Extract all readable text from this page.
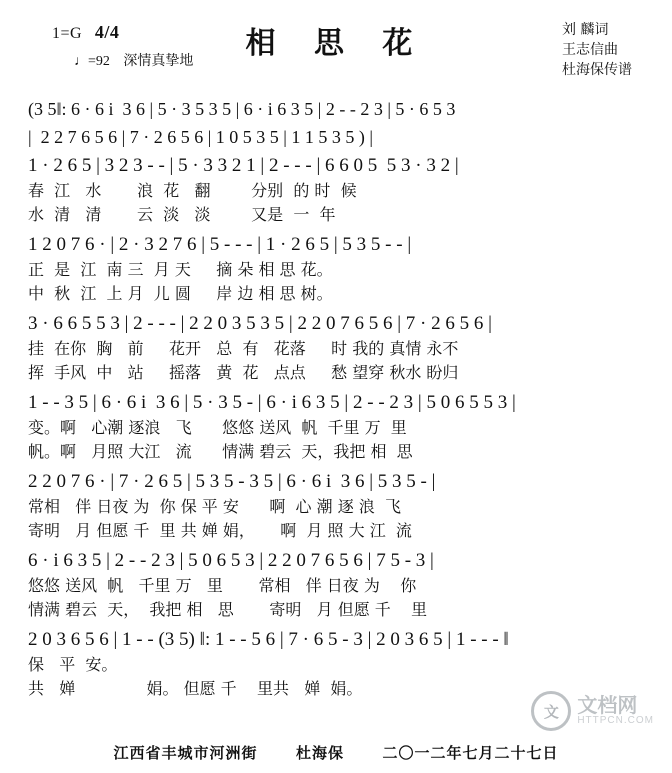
1=G 4/4
♩=92 深情真挚地	相 思 花	刘 麟词
王志信曲
杜海保传谱
(3 5‖: 6 · 6 i  3 6 | 5 · 3 5 3 5 | 6 · i 6 3 5 | 2 - - 2 3 | 5 · 6 5 3
|  2 2 7 6 5 6 | 7 · 2 6 5 6 | 1 0 5 3 5 | 1 1 5 3 5 ) |
1 · 2 6 5 | 3 2 3 - - | 5 · 3 3 2 1 | 2 - - - | 6 6 0 5  5 3 · 3 2 |
春  江   水       浪  花   翻        分别  的 时  候
水  清   清       云  淡   淡        又是  一  年
1 2 0 7 6 · | 2 · 3 2 7 6 | 5 - - - | 1 · 2 6 5 | 5 3 5 - - |
正  是  江  南 三  月 天     摘 朵 相 思 花。
中  秋  江  上 月  儿 圆     岸 边 相 思 树。
3 · 6 6 5 5 3 | 2 - - - | 2 2 0 3 5 3 5 | 2 2 0 7 6 5 6 | 7 · 2 6 5 6 |
挂  在你  胸   前     花开   总  有   花落     时 我的 真情 永不
挥  手风  中   站     摇落   黄  花   点点     愁 望穿 秋水 盼归
1 - - 3 5 | 6 · 6 i  3 6 | 5 · 3 5 - | 6 · i 6 3 5 | 2 - - 2 3 | 5 0 6 5 5 3 |
变。啊   心潮 逐浪   飞      悠悠 送风  帆  千里 万  里
帆。啊   月照 大江   流      情满 碧云  天，我把 相  思
2 2 0 7 6 · | 7 · 2 6 5 | 5 3 5 - 3 5 | 6 · 6 i  3 6 | 5 3 5 - |
常相   伴 日夜 为  你 保 平 安      啊  心 潮 逐 浪  飞
寄明   月 但愿 千  里 共 婵 娟，     啊  月 照 大 江  流
6 · i 6 3 5 | 2 - - 2 3 | 5 0 6 5 3 | 2 2 0 7 6 5 6 | 7 5 - 3 |
悠悠 送风  帆   千里 万   里       常相   伴 日夜 为    你
情满 碧云  天，  我把 相   思       寄明   月 但愿 千    里
2 0 3 6 5 6 | 1 - - (3 5) ‖: 1 - - 5 6 | 7 · 6 5 - 3 | 2 0 3 6 5 | 1 - - - ‖
保   平  安。
共   婵              娟。 但愿 千    里共   婵  娟。
文 文档网
HTTPCN.COM
江西省丰城市河洲街	杜海保	二〇一二年七月二十七日
